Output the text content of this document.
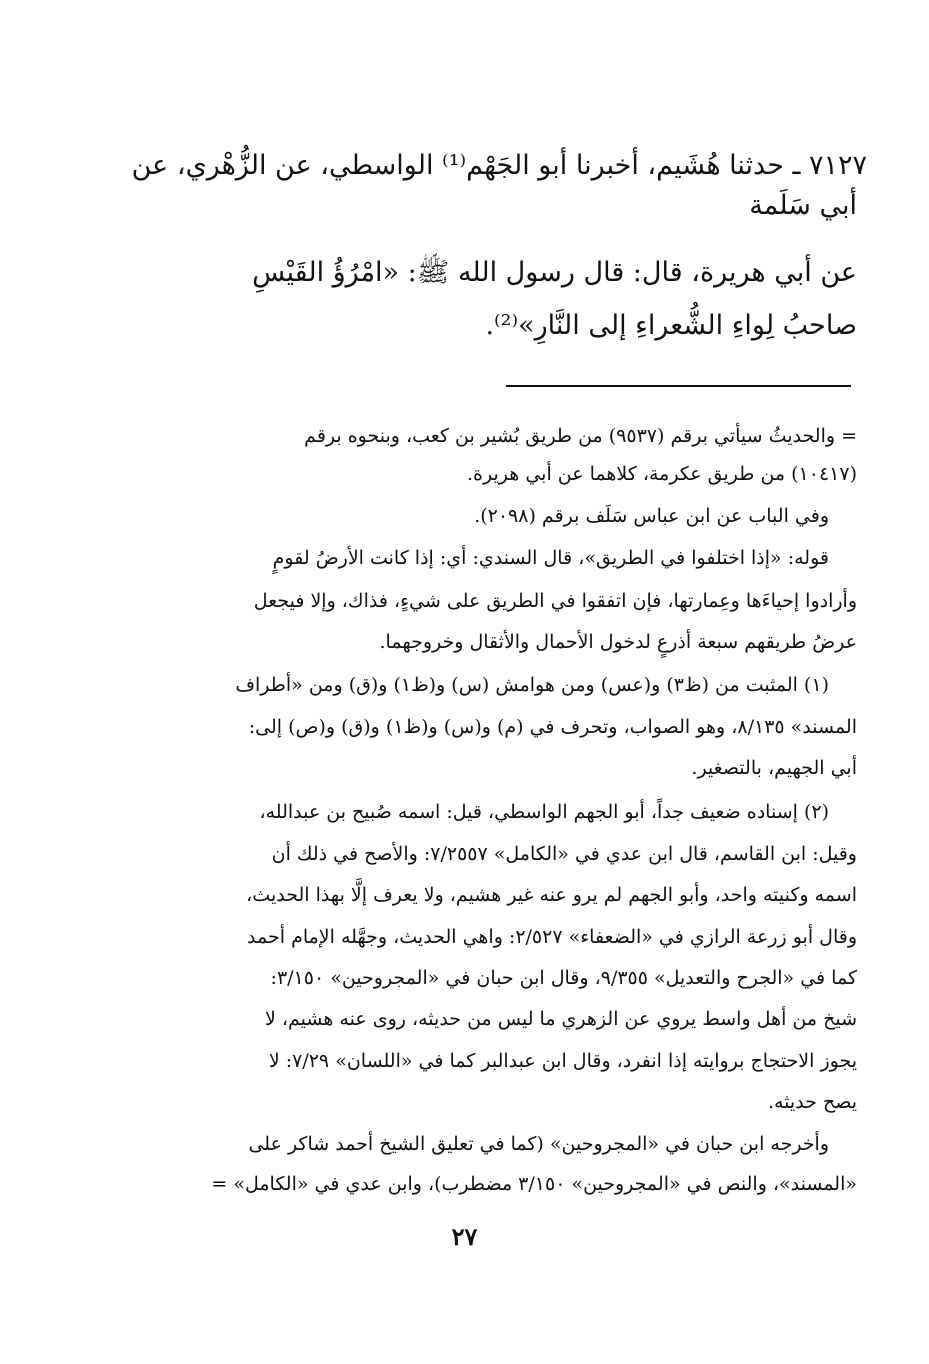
٧١٢٧ ـ حدثنا هُشَيم، أخبرنا أبو الجَهْم⁽¹⁾ الواسطي، عن الزُّهْري، عن
أبي سَلَمة
عن أبي هريرة، قال: قال رسول الله ﷺ: «امْرُؤُ القَيْسِ
صاحبُ لِواءِ الشُّعراءِ إلى النَّارِ»⁽²⁾.
= والحديثُ سيأتي برقم (٩٥٣٧) من طريق بُشير بن كعب، وبنحوه برقم
(١٠٤١٧) من طريق عكرمة، كلاهما عن أبي هريرة.
وفي الباب عن ابن عباس سَلَف برقم (٢٠٩٨).
قوله: «إذا اختلفوا في الطريق»، قال السندي: أي: إذا كانت الأرضُ لقومٍ
وأرادوا إحياءَها وعِمارتها، فإن اتفقوا في الطريق على شيءٍ، فذاك، وإلا فيجعل
عرضُ طريقهم سبعة أذرعٍ لدخول الأحمال والأثقال وخروجهما.
(١) المثبت من (ظ٣) و(عس) ومن هوامش (س) و(ظ١) و(ق) ومن «أطراف
المسند» ٨/١٣٥، وهو الصواب، وتحرف في (م) و(س) و(ظ١) و(ق) و(ص) إلى:
أبي الجهيم، بالتصغير.
(٢) إسناده ضعيف جداً، أبو الجهم الواسطي، قيل: اسمه صُبيح بن عبدالله،
وقيل: ابن القاسم، قال ابن عدي في «الكامل» ٧/٢٥٥٧: والأصح في ذلك أن
اسمه وكنيته واحد، وأبو الجهم لم يرو عنه غير هشيم، ولا يعرف إلَّا بهذا الحديث،
وقال أبو زرعة الرازي في «الضعفاء» ٢/٥٢٧: واهي الحديث، وجهَّله الإمام أحمد
كما في «الجرح والتعديل» ٩/٣٥٥، وقال ابن حبان في «المجروحين» ٣/١٥٠:
شيخ من أهل واسط يروي عن الزهري ما ليس من حديثه، روى عنه هشيم، لا
يجوز الاحتجاج بروايته إذا انفرد، وقال ابن عبدالبر كما في «اللسان» ٧/٢٩: لا
يصح حديثه.
وأخرجه ابن حبان في «المجروحين» (كما في تعليق الشيخ أحمد شاكر على
«المسند»، والنص في «المجروحين» ٣/١٥٠ مضطرب)، وابن عدي في «الكامل» =
٢٧
